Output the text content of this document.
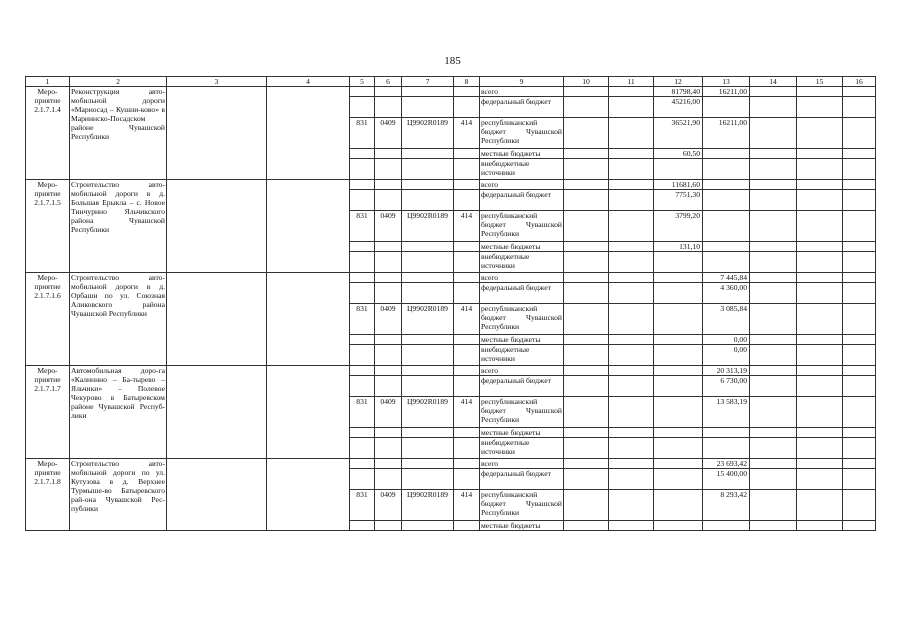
185
1	2	3	4	5	6	7	8	9	10	11	12	13	14	15	16
Меро-приятие 2.1.7.1.4	Реконструкция авто-мобильной дороги «Мариосад – Кушни-ково» в Мариинско-Посадском районе Чувашской Республики							всего			81798,40	16211,00			
								федеральный бюджет			45216,00				
				831	0409	Ц9902R0189	414	республиканский бюджет Чувашской Республики			36521,90	16211,00			
								местные бюджеты			60,50				
								внебюджетные источники							
Меро-приятие 2.1.7.1.5	Строительство авто-мобильной дороги в д. Большая Ерыкла – с. Новое Тинчурино Яльчикского района Чувашской Республики							всего			11681,60				
								федеральный бюджет			7751,30				
				831	0409	Ц9902R0189	414	республиканский бюджет Чувашской Республики			3799,20				
								местные бюджеты			131,10				
								внебюджетные источники							
Меро-приятие 2.1.7.1.6	Строительство авто-мобильной дороги в д. Орбаши по ул. Союзная Аликовского района Чувашской Республики							всего				7 445,84			
								федеральный бюджет				4 360,00			
				831	0409	Ц9902R0189	414	республиканский бюджет Чувашской Республики				3 085,84			
								местные бюджеты				0,00			
								внебюджетные источники				0,00			
Меро-приятие 2.1.7.1.7	Автомобильная доро-га «Калинино – Ба-тырево – Яльчики» – Полевое Чекурово в Батыревском районе Чувашской Респуб-лики							всего				20 313,19			
								федеральный бюджет				6 730,00			
				831	0409	Ц9902R0189	414	республиканский бюджет Чувашской Республики				13 583,19			
								местные бюджеты							
								внебюджетные источники							
Меро-приятие 2.1.7.1.8	Строительство авто-мобильной дороги по ул. Кутузова в д. Верхнее Турмыше-во Батыревского рай-она Чувашской Рес-публики							всего				23 693,42			
								федеральный бюджет				15 400,00			
				831	0409	Ц9902R0189	414	республиканский бюджет Чувашской Республики				8 293,42			
								местные бюджеты							
